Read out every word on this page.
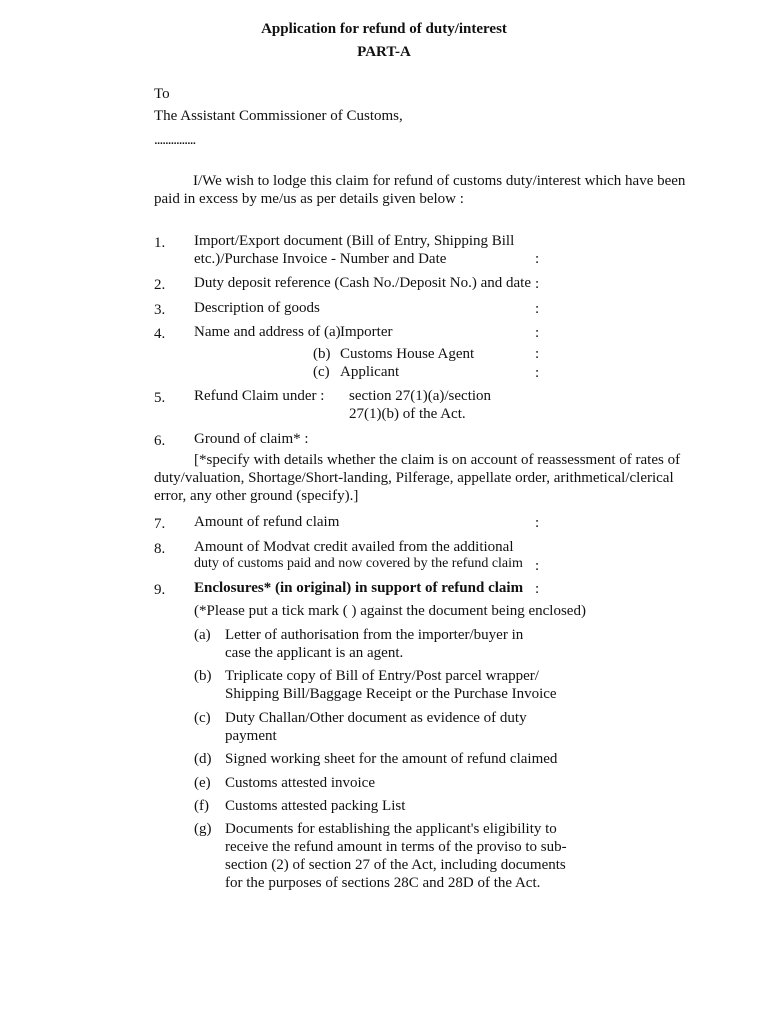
Application for refund of duty/interest
PART-A
To
The Assistant Commissioner of Customs,
...............
I/We wish to lodge this claim for refund of customs duty/interest which have been
paid in excess by me/us as per details given below :
1. Import/Export document (Bill of Entry, Shipping Bill
etc.)/Purchase Invoice - Number and Date	:
2. Duty deposit reference (Cash No./Deposit No.) and date :
3. Description of goods	:
4. Name and address of (a) Importer	:
(b) Customs House Agent	:
(c) Applicant	:
5. Refund Claim under : section 27(1)(a)/section
27(1)(b) of the Act.
6. Ground of claim* :
[*specify with details whether the claim is on account of reassessment of rates of
duty/valuation, Shortage/Short-landing, Pilferage, appellate order, arithmetical/clerical
error, any other ground (specify).]
7. Amount of refund claim	:
8. Amount of Modvat credit availed from the additional
duty of customs paid and now covered by the refund claim :
9. Enclosures* (in original) in support of refund claim :
(*Please put a tick mark ( ) against the document being enclosed)
(a) Letter of authorisation from the importer/buyer in
case the applicant is an agent.
(b) Triplicate copy of Bill of Entry/Post parcel wrapper/
Shipping Bill/Baggage Receipt or the Purchase Invoice
(c) Duty Challan/Other document as evidence of duty
payment
(d) Signed working sheet for the amount of refund claimed
(e) Customs attested invoice
(f) Customs attested packing List
(g) Documents for establishing the applicant's eligibility to
receive the refund amount in terms of the proviso to sub-
section (2) of section 27 of the Act, including documents
for the purposes of sections 28C and 28D of the Act.
